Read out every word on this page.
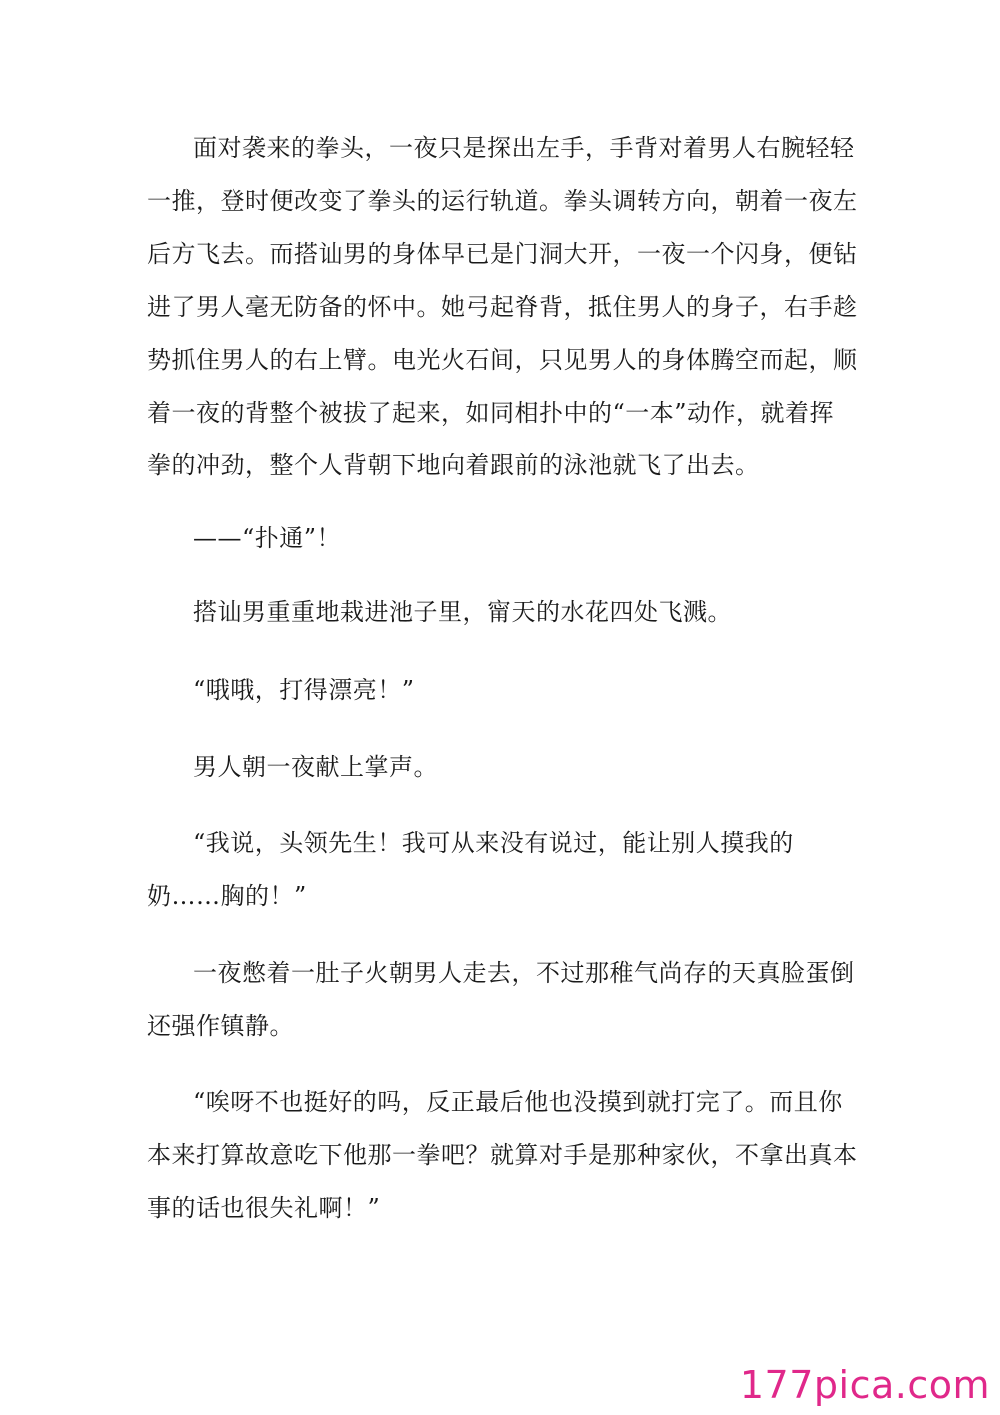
面对袭来的拳头，一夜只是探出左手，手背对着男人右腕轻轻
一推，登时便改变了拳头的运行轨道。拳头调转方向，朝着一夜左
后方飞去。而搭讪男的身体早已是门洞大开，一夜一个闪身，便钻
进了男人毫无防备的怀中。她弓起脊背，抵住男人的身子，右手趁
势抓住男人的右上臂。电光火石间，只见男人的身体腾空而起，顺
着一夜的背整个被拔了起来，如同相扑中的“一本”动作，就着挥
拳的冲劲，整个人背朝下地向着跟前的泳池就飞了出去。
——“扑通”！
搭讪男重重地栽进池子里，甯天的水花四处飞溅。
“哦哦，打得漂亮！”
男人朝一夜献上掌声。
“我说，头领先生！我可从来没有说过，能让别人摸我的
奶……胸的！”
一夜憋着一肚子火朝男人走去，不过那稚气尚存的天真脸蛋倒
还强作镇静。
“唉呀不也挺好的吗，反正最后他也没摸到就打完了。而且你
本来打算故意吃下他那一拳吧？就算对手是那种家伙，不拿出真本
事的话也很失礼啊！”
177pica.com
